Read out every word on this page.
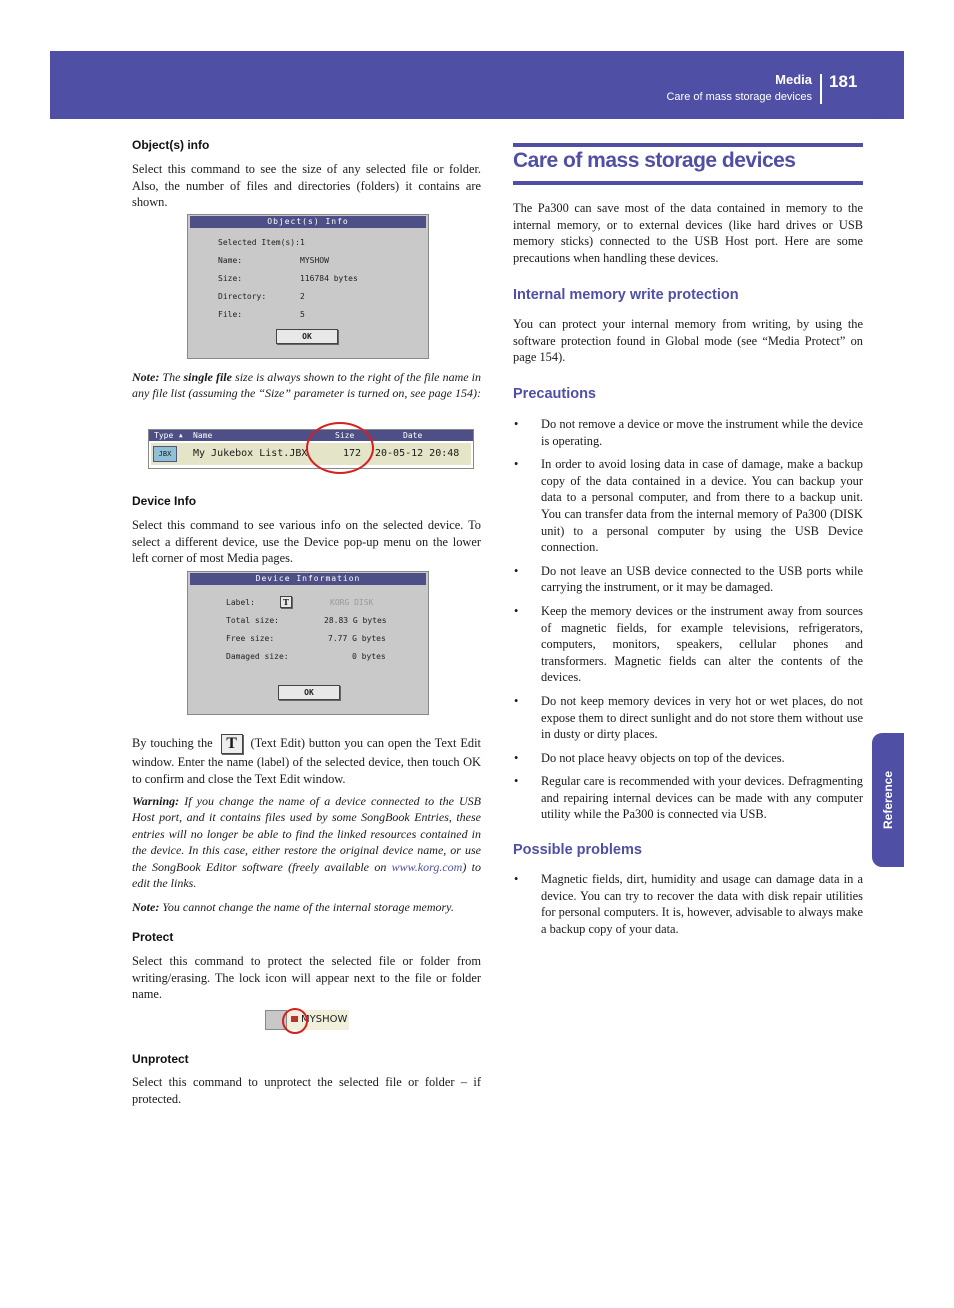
Media
Care of mass storage devices
181
Reference
Object(s) info
Select this command to see the size of any selected file or folder. Also, the number of files and directories (folders) it contains are shown.
Object(s) Info
Selected Item(s): 1
Name:	MYSHOW
Size:	116784 bytes
Directory:	2
File:	5
OK
Note: The single file size is always shown to the right of the file name in any file list (assuming the “Size” parameter is turned on, see page 154):
Type ▲ Name	Size	Date
JBX	My Jukebox List.JBX	172 20-05-12 20:48
Device Info
Select this command to see various info on the selected device. To select a different device, use the Device pop-up menu on the lower left corner of most Media pages.
Device Information
Label:	T	KORG DISK
Total size:	28.83 G bytes
Free size:	7.77 G bytes
Damaged size:	0 bytes
OK
By touching the T (Text Edit) button you can open the Text Edit window. Enter the name (label) of the selected device, then touch OK to confirm and close the Text Edit window.
Warning: If you change the name of a device connected to the USB Host port, and it contains files used by some SongBook Entries, these entries will no longer be able to find the linked resources contained in the device. In this case, either restore the original device name, or use the SongBook Editor software (freely available on www.korg.com) to edit the links.
Note: You cannot change the name of the internal storage memory.
Protect
Select this command to protect the selected file or folder from writing/erasing. The lock icon will appear next to the file or folder name.
MYSHOW
Unprotect
Select this command to unprotect the selected file or folder – if protected.
Care of mass storage devices
The Pa300 can save most of the data contained in memory to the internal memory, or to external devices (like hard drives or USB memory sticks) connected to the USB Host port. Here are some precautions when handling these devices.
Internal memory write protection
You can protect your internal memory from writing, by using the software protection found in Global mode (see “Media Protect” on page 154).
Precautions
• Do not remove a device or move the instrument while the device is operating.
• In order to avoid losing data in case of damage, make a backup copy of the data contained in a device. You can backup your data to a personal computer, and from there to a backup unit. You can transfer data from the internal memory of Pa300 (DISK unit) to a personal computer by using the USB Device connection.
• Do not leave an USB device connected to the USB ports while carrying the instrument, or it may be damaged.
• Keep the memory devices or the instrument away from sources of magnetic fields, for example televisions, refrigerators, computers, monitors, speakers, cellular phones and transformers. Magnetic fields can alter the contents of the devices.
• Do not keep memory devices in very hot or wet places, do not expose them to direct sunlight and do not store them without use in dusty or dirty places.
• Do not place heavy objects on top of the devices.
• Regular care is recommended with your devices. Defragmenting and repairing internal devices can be made with any computer utility while the Pa300 is connected via USB.
Possible problems
• Magnetic fields, dirt, humidity and usage can damage data in a device. You can try to recover the data with disk repair utilities for personal computers. It is, however, advisable to always make a backup copy of your data.
